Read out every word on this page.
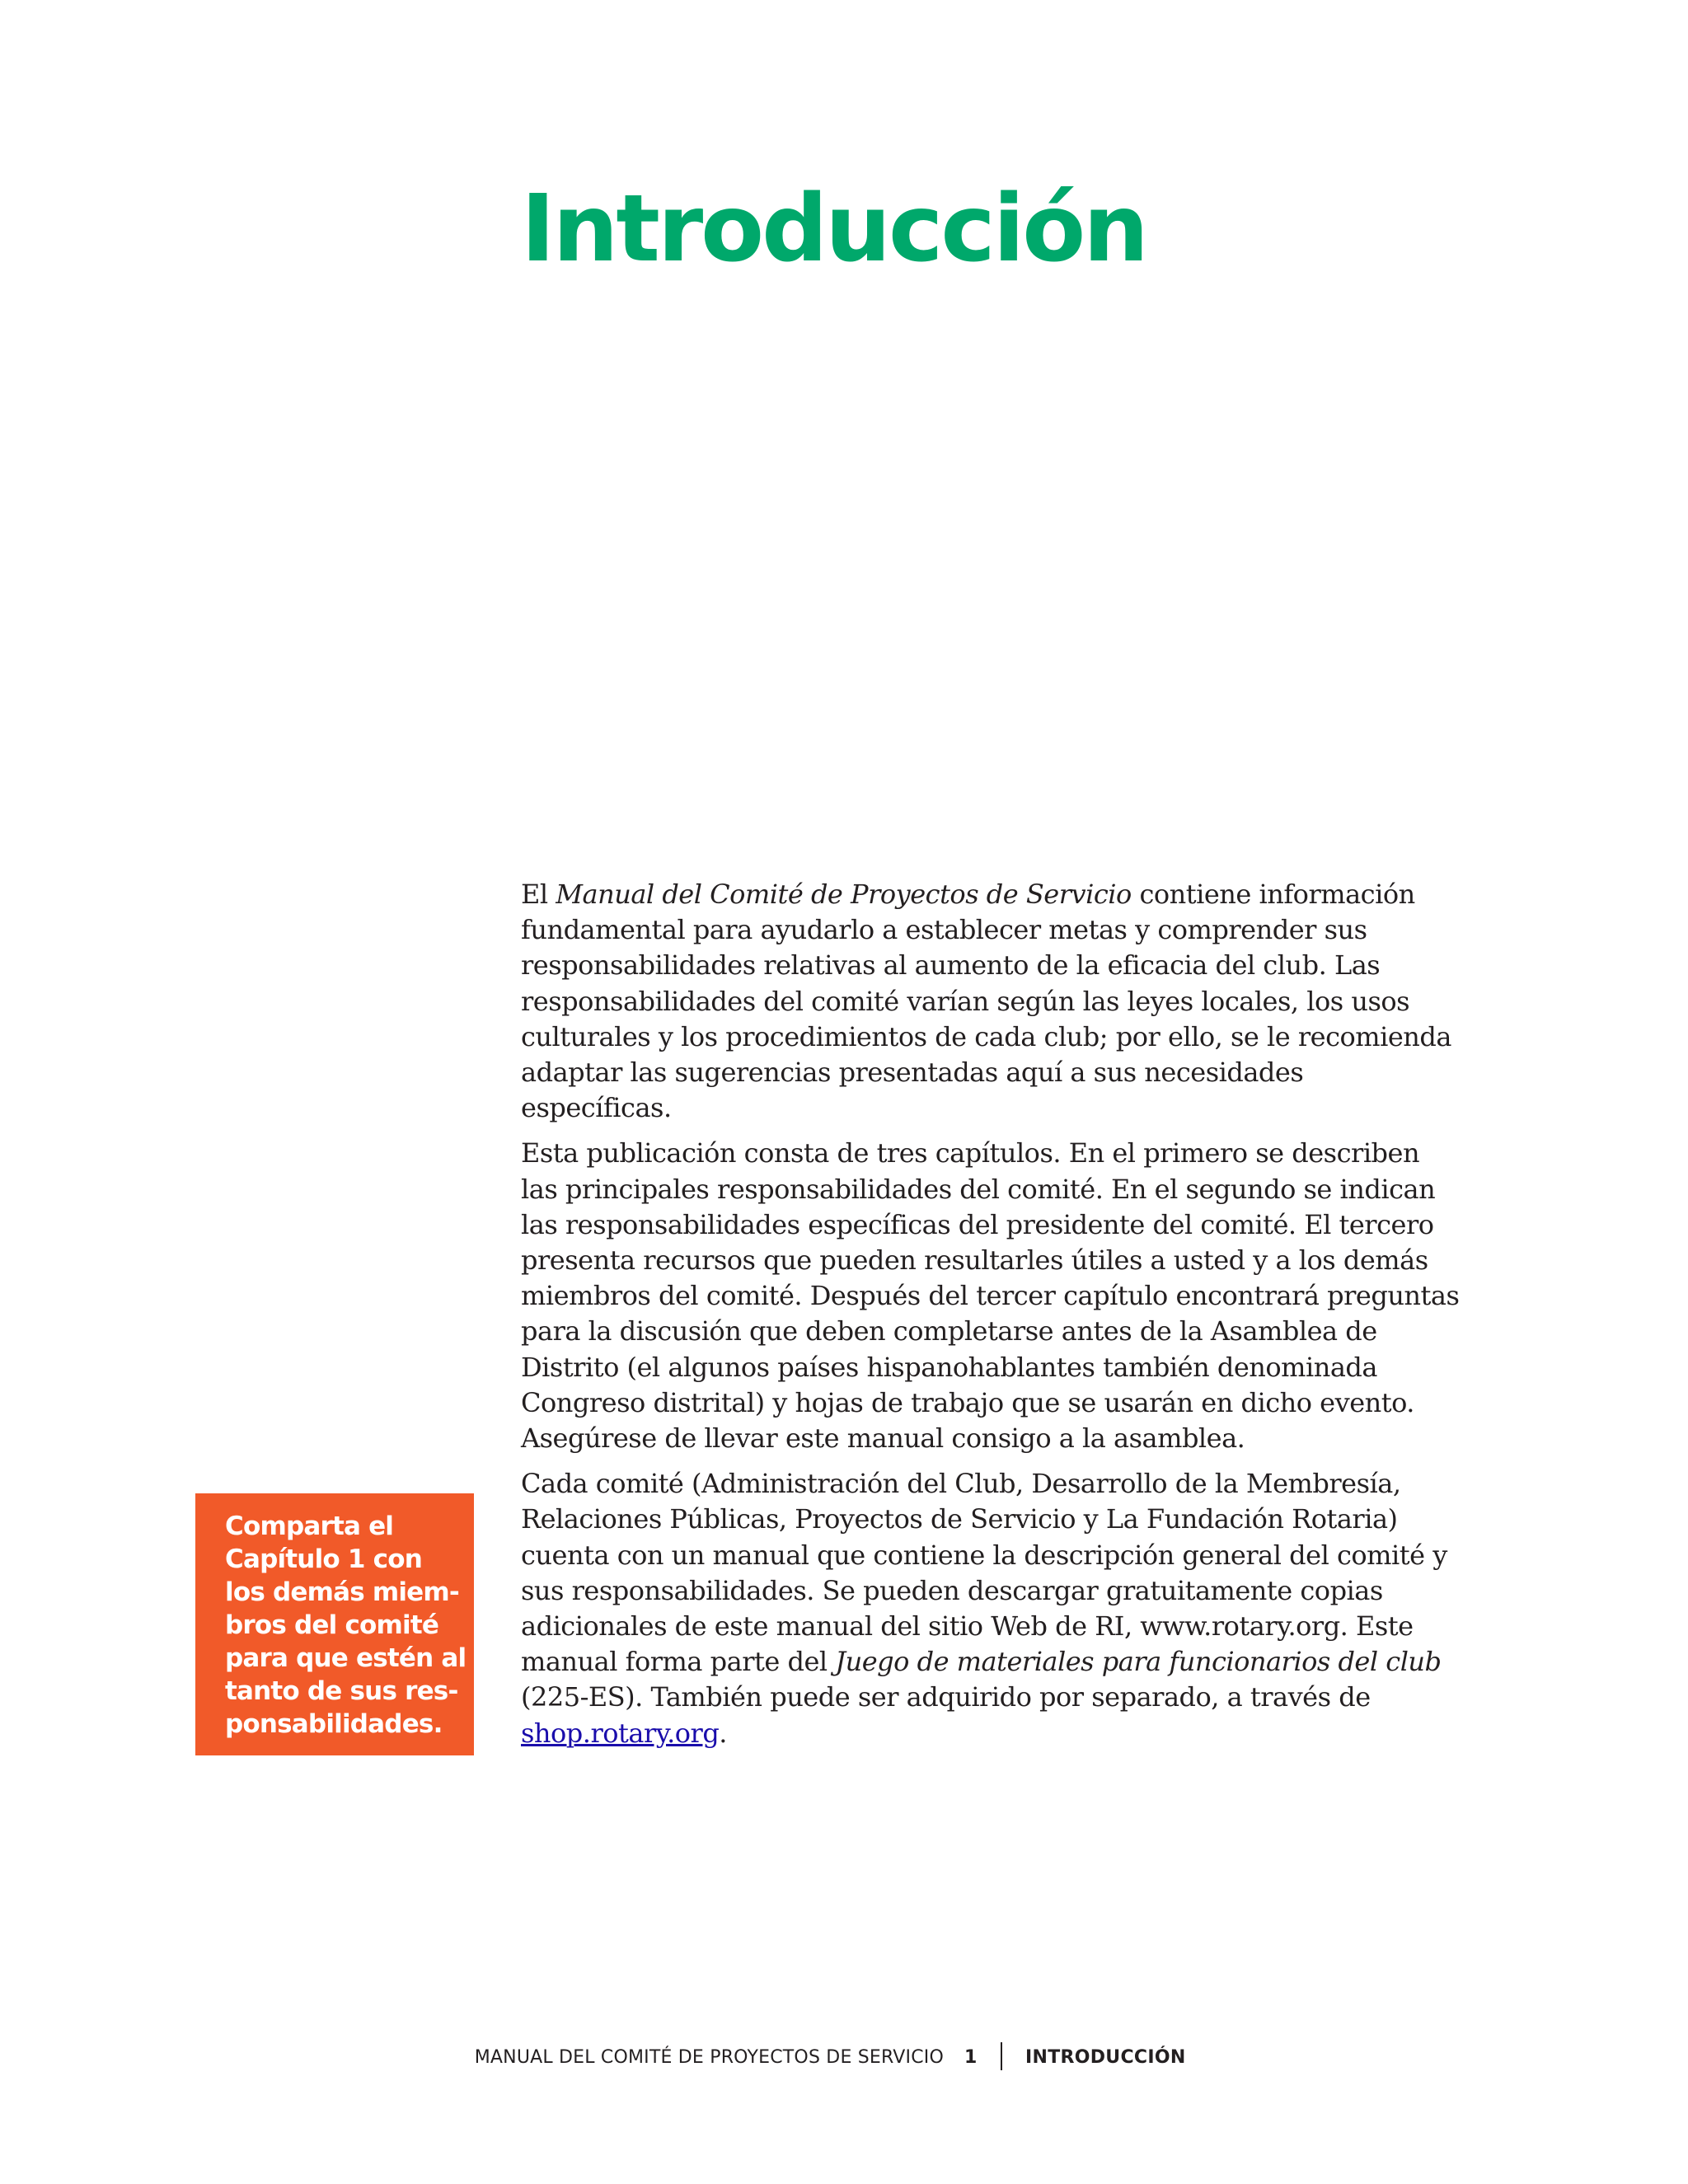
Introducción

El Manual del Comité de Proyectos de Servicio contiene información fundamental para ayudarlo a establecer metas y comprender sus responsabilidades relativas al aumento de la eficacia del club. Las responsabilidades del comité varían según las leyes locales, los usos culturales y los procedimientos de cada club; por ello, se le recomienda adaptar las sugerencias presentadas aquí a sus necesidades específicas.

Esta publicación consta de tres capítulos. En el primero se describen las principales responsabilidades del comité. En el segundo se indican las responsabilidades específicas del presidente del comité. El tercero presenta recursos que pueden resultarles útiles a usted y a los demás miembros del comité. Después del tercer capítulo encontrará preguntas para la discusión que deben completarse antes de la Asamblea de Distrito (el algunos países hispanohablantes también denominada Congreso distrital) y hojas de trabajo que se usarán en dicho evento. Asegúrese de llevar este manual consigo a la asamblea.

Cada comité (Administración del Club, Desarrollo de la Membresía, Relaciones Públicas, Proyectos de Servicio y La Fundación Rotaria) cuenta con un manual que contiene la descripción general del comité y sus responsabilidades. Se pueden descargar gratuitamente copias adicionales de este manual del sitio Web de RI, www.rotary.org. Este manual forma parte del Juego de materiales para funcionarios del club (225-ES). También puede ser adquirido por separado, a través de shop.rotary.org.

Comparta el
Capítulo 1 con
los demás miem-
bros del comité
para que estén al
tanto de sus res-
ponsabilidades.
MANUAL DEL COMITÉ DE PROYECTOS DE SERVICIO 1	INTRODUCCIÓN
